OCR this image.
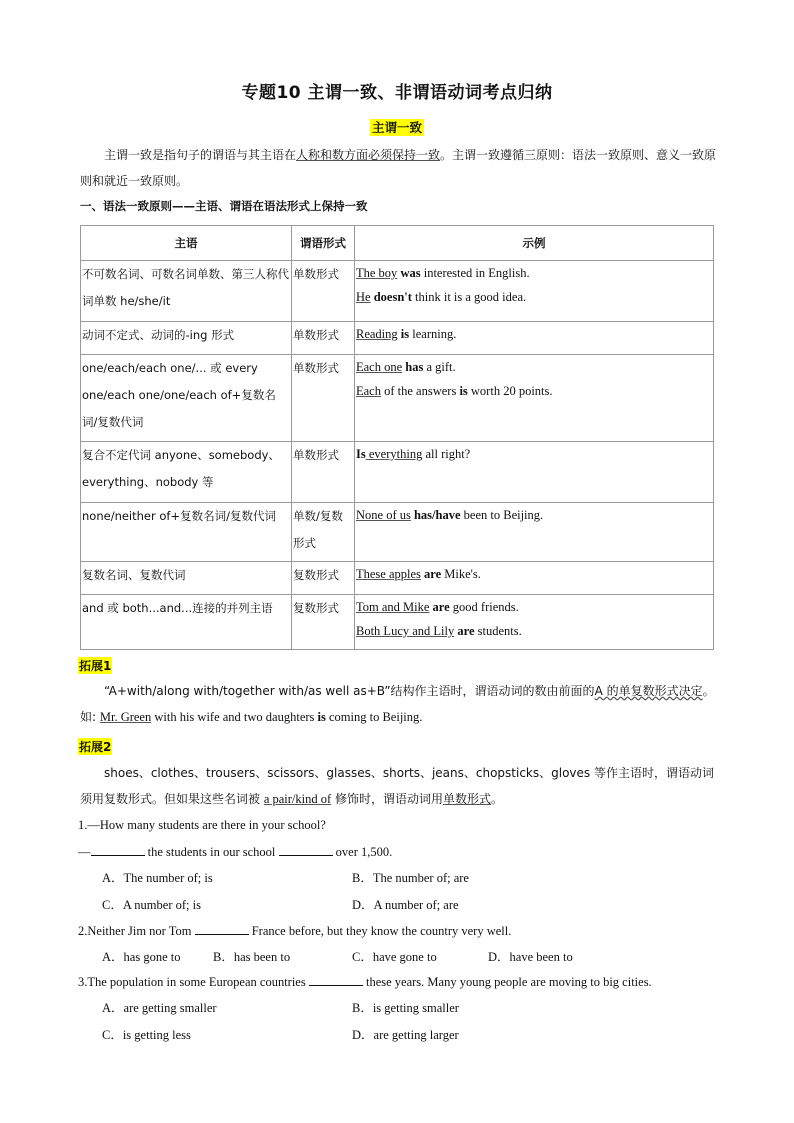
专题10 主谓一致、非谓语动词考点归纳
主谓一致
主谓一致是指句子的谓语与其主语在人称和数方面必须保持一致。主谓一致遵循三原则：语法一致原则、意义一致原则和就近一致原则。
一、语法一致原则——主语、谓语在语法形式上保持一致
主语	谓语形式	示例
不可数名词、可数名词单数、第三人称代词单数 he/she/it	单数形式	The boy was interested in English.
He doesn't think it is a good idea.

动词不定式、动词的-ing 形式	单数形式	Reading is learning.

one/each/each one/... 或 every one/each one/one/each of+复数名词/复数代词	单数形式	Each one has a gift.
Each of the answers is worth 20 points.

复合不定代词 anyone、somebody、everything、nobody 等	单数形式	Is everything all right?

none/neither of+复数名词/复数代词	单数/复数形式	None of us has/have been to Beijing.

复数名词、复数代词	复数形式	These apples are Mike's.

and 或 both...and...连接的并列主语	复数形式	Tom and Mike are good friends.
Both Lucy and Lily are students.
拓展1
“A+with/along with/together with/as well as+B”结构作主语时，谓语动词的数由前面的A 的单复数形式决定。如: Mr. Green with his wife and two daughters is coming to Beijing.
拓展2
shoes、clothes、trousers、scissors、glasses、shorts、jeans、chopsticks、gloves 等作主语时，谓语动词须用复数形式。但如果这些名词被 a pair/kind of 修饰时，谓语动词用单数形式。
1.—How many students are there in your school?
—	the students in our school	over 1,500.
A．The number of; is	B．The number of; are
C．A number of; is	D．A number of; are
2.Neither Jim nor Tom	France before, but they know the country very well.
A．has gone to	B．has been to	C．have gone to	D．have been to
3.The population in some European countries	these years. Many young people are moving to big cities.
A．are getting smaller	B．is getting smaller
C．is getting less	D．are getting larger
